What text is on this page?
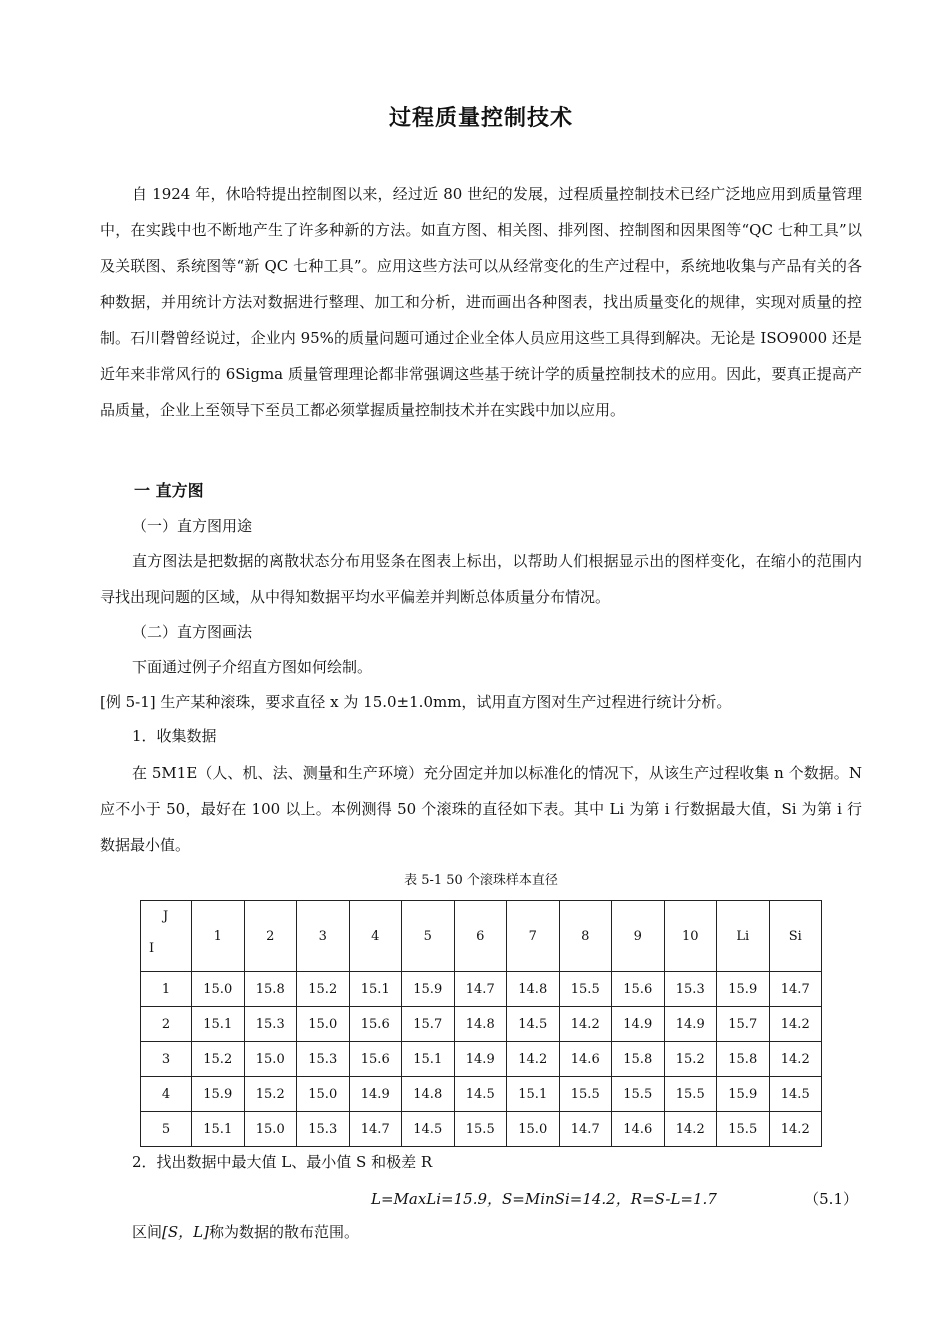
过程质量控制技术

自 1924 年，休哈特提出控制图以来，经过近 80 世纪的发展，过程质量控制技术已经广泛地应用到质量管理中，在实践中也不断地产生了许多种新的方法。如直方图、相关图、排列图、控制图和因果图等“QC 七种工具”以及关联图、系统图等“新 QC 七种工具”。应用这些方法可以从经常变化的生产过程中，系统地收集与产品有关的各种数据，并用统计方法对数据进行整理、加工和分析，进而画出各种图表，找出质量变化的规律，实现对质量的控制。石川磬曾经说过，企业内 95%的质量问题可通过企业全体人员应用这些工具得到解决。无论是 ISO9000 还是近年来非常风行的 6Sigma 质量管理理论都非常强调这些基于统计学的质量控制技术的应用。因此，要真正提高产品质量，企业上至领导下至员工都必须掌握质量控制技术并在实践中加以应用。

一 直方图
（一）直方图用途

直方图法是把数据的离散状态分布用竖条在图表上标出，以帮助人们根据显示出的图样变化，在缩小的范围内寻找出现问题的区域，从中得知数据平均水平偏差并判断总体质量分布情况。

（二）直方图画法
下面通过例子介绍直方图如何绘制。
[例 5-1] 生产某种滚珠，要求直径 x 为 15.0±1.0mm，试用直方图对生产过程进行统计分析。
1．收集数据

在 5M1E（人、机、法、测量和生产环境）充分固定并加以标准化的情况下，从该生产过程收集 n 个数据。N 应不小于 50，最好在 100 以上。本例测得 50 个滚珠的直径如下表。其中 Li 为第 i 行数据最大值，Si 为第 i 行数据最小值。

表 5-1 50 个滚珠样本直径
J
I	1	2	3	4	5	6	7	8	9	10	Li	Si
1	15.0	15.8	15.2	15.1	15.9	14.7	14.8	15.5	15.6	15.3	15.9	14.7
2	15.1	15.3	15.0	15.6	15.7	14.8	14.5	14.2	14.9	14.9	15.7	14.2
3	15.2	15.0	15.3	15.6	15.1	14.9	14.2	14.6	15.8	15.2	15.8	14.2
4	15.9	15.2	15.0	14.9	14.8	14.5	15.1	15.5	15.5	15.5	15.9	14.5
5	15.1	15.0	15.3	14.7	14.5	15.5	15.0	14.7	14.6	14.2	15.5	14.2
2．找出数据中最大值 L、最小值 S 和极差 R
L=MaxLi=15.9，S=MinSi=14.2，R=S-L=1.7	（5.1）
区间[S，L]称为数据的散布范围。
